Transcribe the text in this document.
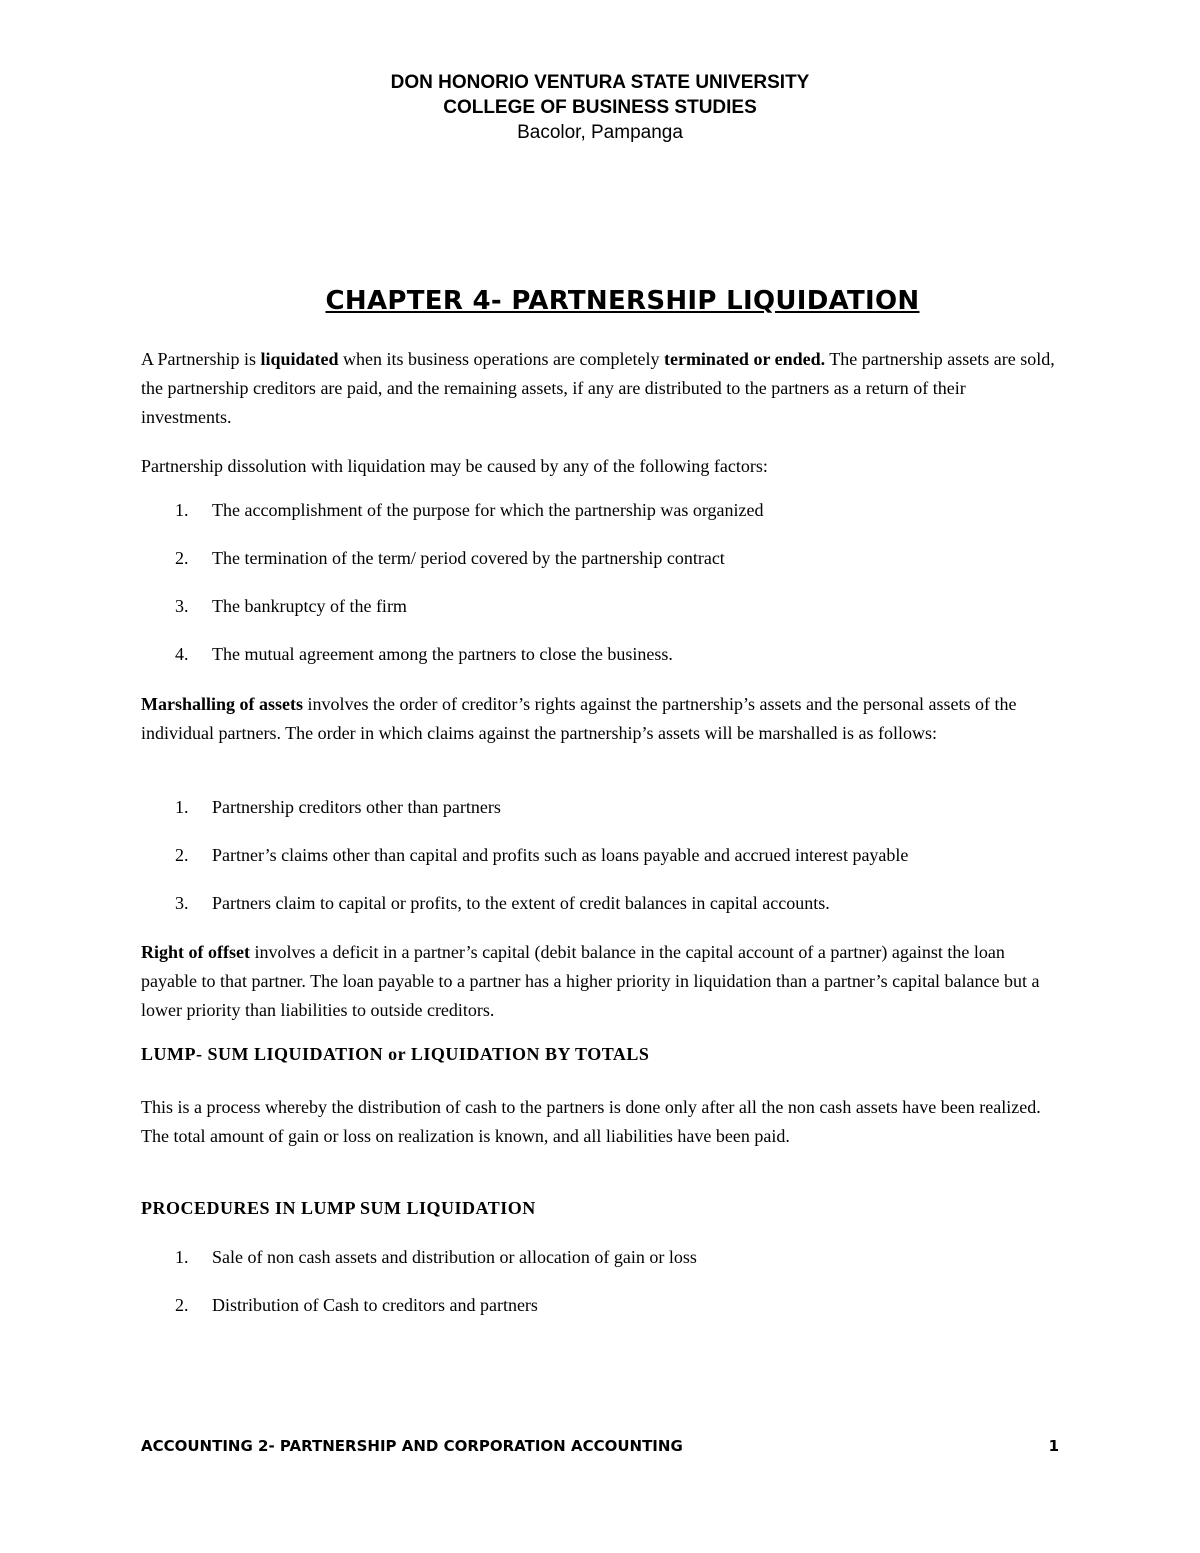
DON HONORIO VENTURA STATE UNIVERSITY
COLLEGE OF BUSINESS STUDIES
Bacolor, Pampanga
CHAPTER 4- PARTNERSHIP LIQUIDATION

A Partnership is liquidated when its business operations are completely terminated or ended. The partnership assets are sold, the partnership creditors are paid, and the remaining assets, if any are distributed to the partners as a return of their investments.

Partnership dissolution with liquidation may be caused by any of the following factors:
1.	The accomplishment of the purpose for which the partnership was organized
2.	The termination of the term/ period covered by the partnership contract
3.	The bankruptcy of the firm
4.	The mutual agreement among the partners to close the business.

Marshalling of assets involves the order of creditor’s rights against the partnership’s assets and the personal assets of the individual partners. The order in which claims against the partnership’s assets will be marshalled is as follows:

1.	Partnership creditors other than partners
2.	Partner’s claims other than capital and profits such as loans payable and accrued interest payable
3.	Partners claim to capital or profits, to the extent of credit balances in capital accounts.

Right of offset involves a deficit in a partner’s capital (debit balance in the capital account of a partner) against the loan payable to that partner. The loan payable to a partner has a higher priority in liquidation than a partner’s capital balance but a lower priority than liabilities to outside creditors.

LUMP- SUM LIQUIDATION or LIQUIDATION BY TOTALS

This is a process whereby the distribution of cash to the partners is done only after all the non cash assets have been realized. The total amount of gain or loss on realization is known, and all liabilities have been paid.

PROCEDURES IN LUMP SUM LIQUIDATION
1.	Sale of non cash assets and distribution or allocation of gain or loss
2.	Distribution of Cash to creditors and partners
ACCOUNTING 2- PARTNERSHIP AND CORPORATION ACCOUNTING	1
